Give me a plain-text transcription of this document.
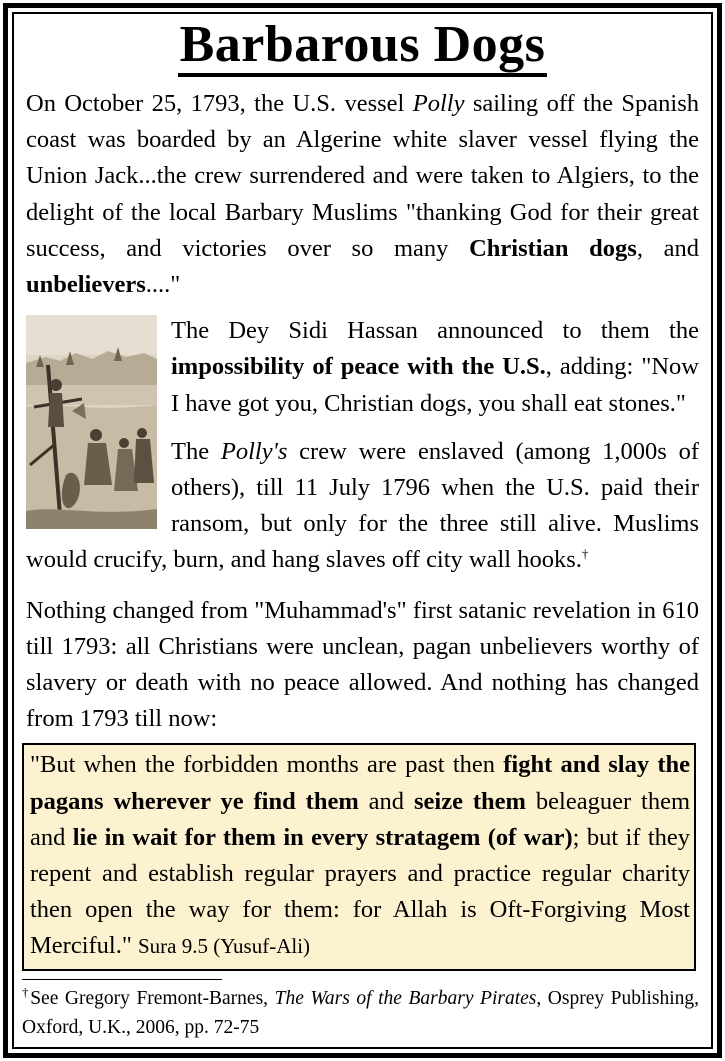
Barbarous Dogs

On October 25, 1793, the U.S. vessel Polly sailing off the Spanish coast was boarded by an Algerine white slaver vessel flying the Union Jack...the crew surrendered and were taken to Algiers, to the delight of the local Barbary Muslims "thanking God for their great success, and victories over so many Christian dogs, and unbelievers...."

The Dey Sidi Hassan announced to them the impossibility of peace with the U.S., adding: "Now I have got you, Christian dogs, you shall eat stones."

The Polly's crew were enslaved (among 1,000s of others), till 11 July 1796 when the U.S. paid their ransom, but only for the three still alive. Muslims would crucify, burn, and hang slaves off city wall hooks.†

Nothing changed from "Muhammad's" first satanic revelation in 610 till 1793: all Christians were unclean, pagan unbelievers worthy of slavery or death with no peace allowed. And nothing has changed from 1793 till now:

"But when the forbidden months are past then fight and slay the pagans wherever ye find them and seize them beleaguer them and lie in wait for them in every stratagem (of war); but if they repent and establish regular prayers and practice regular charity then open the way for them: for Allah is Oft-Forgiving Most Merciful." Sura 9.5 (Yusuf-Ali)
†See Gregory Fremont-Barnes, The Wars of the Barbary Pirates, Osprey Publishing, Oxford, U.K., 2006, pp. 72-75
